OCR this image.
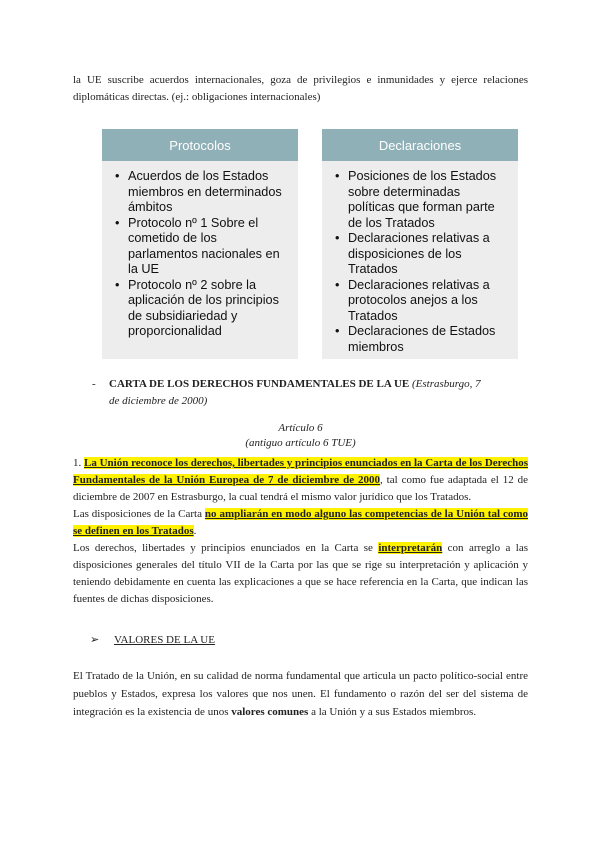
la UE suscribe acuerdos internacionales, goza de privilegios e inmunidades y ejerce relaciones diplomáticas directas. (ej.: obligaciones internacionales)
Protocolos
• Acuerdos de los Estados miembros en determinados ámbitos
• Protocolo nº 1 Sobre el cometido de los parlamentos nacionales en la UE
• Protocolo nº 2 sobre la aplicación de los principios de subsidiariedad y proporcionalidad
Declaraciones
• Posiciones de los Estados sobre determinadas políticas que forman parte de los Tratados
• Declaraciones relativas a disposiciones de los Tratados
• Declaraciones relativas a protocolos anejos a los Tratados
• Declaraciones de Estados miembros
- CARTA DE LOS DERECHOS FUNDAMENTALES DE LA UE (Estrasburgo, 7
de diciembre de 2000)
Artículo 6
(antiguo artículo 6 TUE)

1. La Unión reconoce los derechos, libertades y principios enunciados en la Carta de los Derechos Fundamentales de la Unión Europea de 7 de diciembre de 2000, tal como fue adaptada el 12 de diciembre de 2007 en Estrasburgo, la cual tendrá el mismo valor jurídico que los Tratados.

Las disposiciones de la Carta no ampliarán en modo alguno las competencias de la Unión tal como se definen en los Tratados.

Los derechos, libertades y principios enunciados en la Carta se interpretarán con arreglo a las disposiciones generales del título VII de la Carta por las que se rige su interpretación y aplicación y teniendo debidamente en cuenta las explicaciones a que se hace referencia en la Carta, que indican las fuentes de dichas disposiciones.

➢ VALORES DE LA UE
El Tratado de la Unión, en su calidad de norma fundamental que articula un pacto político-social entre pueblos y Estados, expresa los valores que nos unen. El fundamento o razón del ser del sistema de integración es la existencia de unos valores comunes a la Unión y a sus Estados miembros.
